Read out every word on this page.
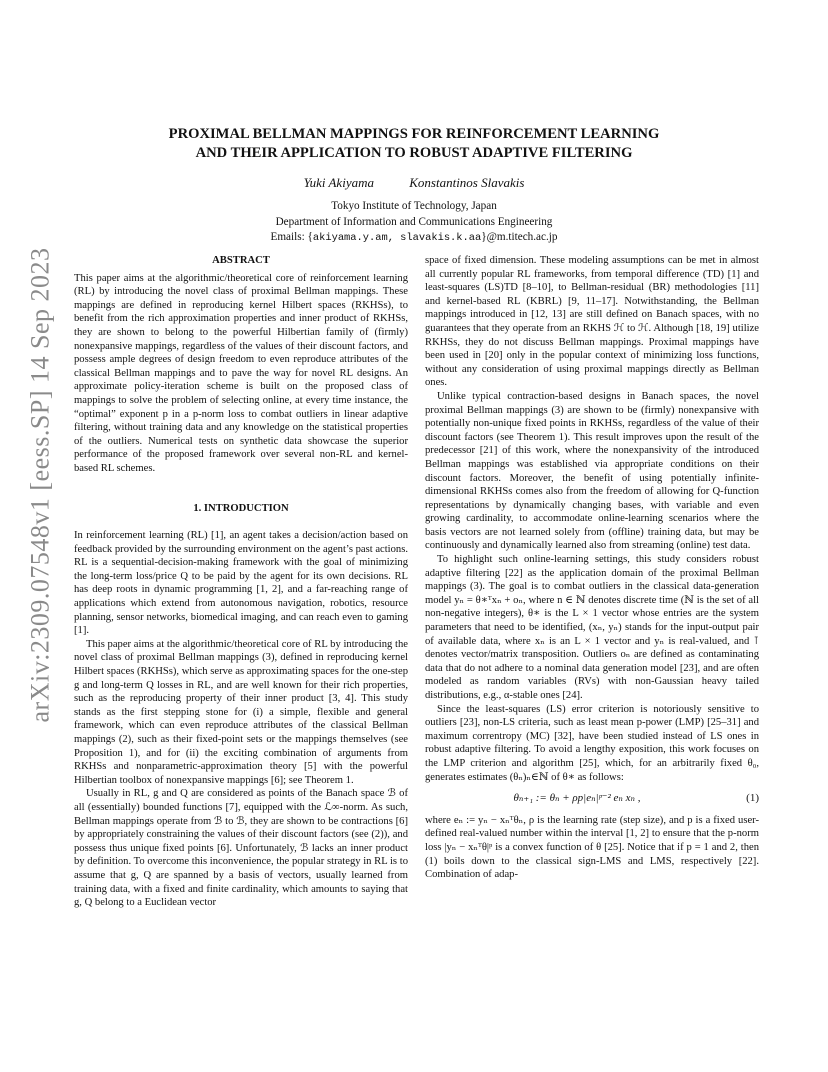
arXiv:2309.07548v1 [eess.SP] 14 Sep 2023
PROXIMAL BELLMAN MAPPINGS FOR REINFORCEMENT LEARNING
AND THEIR APPLICATION TO ROBUST ADAPTIVE FILTERING
Yuki Akiyama	Konstantinos Slavakis
Tokyo Institute of Technology, Japan
Department of Information and Communications Engineering
Emails: {akiyama.y.am, slavakis.k.aa}@m.titech.ac.jp
ABSTRACT

This paper aims at the algorithmic/theoretical core of reinforcement learning (RL) by introducing the novel class of proximal Bellman mappings. These mappings are defined in reproducing kernel Hilbert spaces (RKHSs), to benefit from the rich approximation properties and inner product of RKHSs, they are shown to belong to the powerful Hilbertian family of (firmly) nonexpansive mappings, regardless of the values of their discount factors, and possess ample degrees of design freedom to even reproduce attributes of the classical Bellman mappings and to pave the way for novel RL designs. An approximate policy-iteration scheme is built on the proposed class of mappings to solve the problem of selecting online, at every time instance, the “optimal” exponent p in a p-norm loss to combat outliers in linear adaptive filtering, without training data and any knowledge on the statistical properties of the outliers. Numerical tests on synthetic data showcase the superior performance of the proposed framework over several non-RL and kernel-based RL schemes.

1. INTRODUCTION

In reinforcement learning (RL) [1], an agent takes a decision/action based on feedback provided by the surrounding environment on the agent’s past actions. RL is a sequential-decision-making framework with the goal of minimizing the long-term loss/price Q to be paid by the agent for its own decisions. RL has deep roots in dynamic programming [1, 2], and a far-reaching range of applications which extend from autonomous navigation, robotics, resource planning, sensor networks, biomedical imaging, and can reach even to gaming [1].

This paper aims at the algorithmic/theoretical core of RL by introducing the novel class of proximal Bellman mappings (3), defined in reproducing kernel Hilbert spaces (RKHSs), which serve as approximating spaces for the one-step g and long-term Q losses in RL, and are well known for their rich properties, such as the reproducing property of their inner product [3, 4]. This study stands as the first stepping stone for (i) a simple, flexible and general framework, which can even reproduce attributes of the classical Bellman mappings (2), such as their fixed-point sets or the mappings themselves (see Proposition 1), and for (ii) the exciting combination of arguments from RKHSs and nonparametric-approximation theory [5] with the powerful Hilbertian toolbox of nonexpansive mappings [6]; see Theorem 1.

Usually in RL, g and Q are considered as points of the Banach space ℬ of all (essentially) bounded functions [7], equipped with the ℒ∞-norm. As such, Bellman mappings operate from ℬ to ℬ, they are shown to be contractions [6] by appropriately constraining the values of their discount factors (see (2)), and possess thus unique fixed points [6]. Unfortunately, ℬ lacks an inner product by definition. To overcome this inconvenience, the popular strategy in RL is to assume that g, Q are spanned by a basis of vectors, usually learned from training data, with a fixed and finite cardinality, which amounts to saying that g, Q belong to a Euclidean vector

space of fixed dimension. These modeling assumptions can be met in almost all currently popular RL frameworks, from temporal difference (TD) [1] and least-squares (LS)TD [8–10], to Bellman-residual (BR) methodologies [11] and kernel-based RL (KBRL) [9, 11–17]. Notwithstanding, the Bellman mappings introduced in [12, 13] are still defined on Banach spaces, with no guarantees that they operate from an RKHS ℋ to ℋ. Although [18, 19] utilize RKHSs, they do not discuss Bellman mappings. Proximal mappings have been used in [20] only in the popular context of minimizing loss functions, without any consideration of using proximal mappings directly as Bellman ones.

Unlike typical contraction-based designs in Banach spaces, the novel proximal Bellman mappings (3) are shown to be (firmly) nonexpansive with potentially non-unique fixed points in RKHSs, regardless of the value of their discount factors (see Theorem 1). This result improves upon the result of the predecessor [21] of this work, where the nonexpansivity of the introduced Bellman mappings was established via appropriate conditions on their discount factors. Moreover, the benefit of using potentially infinite-dimensional RKHSs comes also from the freedom of allowing for Q-function representations by dynamically changing bases, with variable and even growing cardinality, to accommodate online-learning scenarios where the basis vectors are not learned solely from (offline) training data, but may be continuously and dynamically learned also from streaming (online) test data.

To highlight such online-learning settings, this study considers robust adaptive filtering [22] as the application domain of the proximal Bellman mappings (3). The goal is to combat outliers in the classical data-generation model yₙ = θ∗ᵀxₙ + oₙ, where n ∈ ℕ denotes discrete time (ℕ is the set of all non-negative integers), θ∗ is the L × 1 vector whose entries are the system parameters that need to be identified, (xₙ, yₙ) stands for the input-output pair of available data, where xₙ is an L × 1 vector and yₙ is real-valued, and ⊺ denotes vector/matrix transposition. Outliers oₙ are defined as contaminating data that do not adhere to a nominal data generation model [23], and are often modeled as random variables (RVs) with non-Gaussian heavy tailed distributions, e.g., α-stable ones [24].

Since the least-squares (LS) error criterion is notoriously sensitive to outliers [23], non-LS criteria, such as least mean p-power (LMP) [25–31] and maximum correntropy (MC) [32], have been studied instead of LS ones in robust adaptive filtering. To avoid a lengthy exposition, this work focuses on the LMP criterion and algorithm [25], which, for an arbitrarily fixed θ₀, generates estimates (θₙ)ₙ∈ℕ of θ∗ as follows:

θₙ₊₁ := θₙ + ρp|eₙ|ᵖ⁻² eₙ xₙ ,	(1)

where eₙ := yₙ − xₙᵀθₙ, ρ is the learning rate (step size), and p is a fixed user-defined real-valued number within the interval [1, 2] to ensure that the p-norm loss |yₙ − xₙᵀθ|ᵖ is a convex function of θ [25]. Notice that if p = 1 and 2, then (1) boils down to the classical sign-LMS and LMS, respectively [22]. Combination of adap-
